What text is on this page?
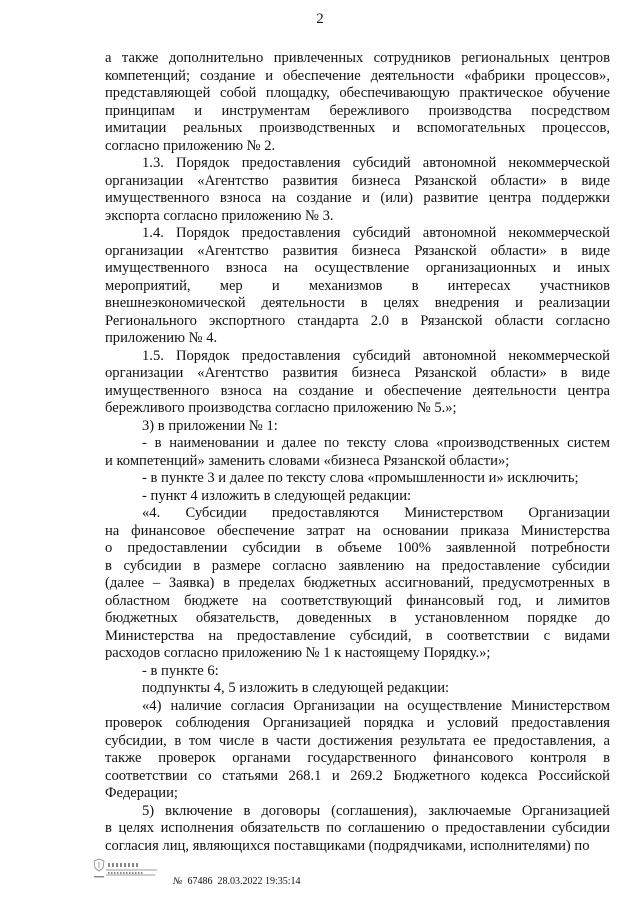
2
а также дополнительно привлеченных сотрудников региональных центров
компетенций; создание и обеспечение деятельности «фабрики процессов»,
представляющей собой площадку, обеспечивающую практическое обучение
принципам и инструментам бережливого производства посредством
имитации реальных производственных и вспомогательных процессов,
согласно приложению № 2.
1.3. Порядок предоставления субсидий автономной некоммерческой
организации «Агентство развития бизнеса Рязанской области» в виде
имущественного взноса на создание и (или) развитие центра поддержки
экспорта согласно приложению № 3.
1.4. Порядок предоставления субсидий автономной некоммерческой
организации «Агентство развития бизнеса Рязанской области» в виде
имущественного взноса на осуществление организационных и иных
мероприятий, мер и механизмов в интересах участников
внешнеэкономической деятельности в целях внедрения и реализации
Регионального экспортного стандарта 2.0 в Рязанской области согласно
приложению № 4.
1.5. Порядок предоставления субсидий автономной некоммерческой
организации «Агентство развития бизнеса Рязанской области» в виде
имущественного взноса на создание и обеспечение деятельности центра
бережливого производства согласно приложению № 5.»;
3) в приложении № 1:
- в наименовании и далее по тексту слова «производственных систем
и компетенций» заменить словами «бизнеса Рязанской области»;
- в пункте 3 и далее по тексту слова «промышленности и» исключить;
- пункт 4 изложить в следующей редакции:
«4. Субсидии предоставляются Министерством Организации
на финансовое обеспечение затрат на основании приказа Министерства
о предоставлении субсидии в объеме 100% заявленной потребности
в субсидии в размере согласно заявлению на предоставление субсидии
(далее – Заявка) в пределах бюджетных ассигнований, предусмотренных в
областном бюджете на соответствующий финансовый год, и лимитов
бюджетных обязательств, доведенных в установленном порядке до
Министерства на предоставление субсидий, в соответствии с видами
расходов согласно приложению № 1 к настоящему Порядку.»;
- в пункте 6:
подпункты 4, 5 изложить в следующей редакции:
«4) наличие согласия Организации на осуществление Министерством
проверок соблюдения Организацией порядка и условий предоставления
субсидии, в том числе в части достижения результата ее предоставления, а
также проверок органами государственного финансового контроля в
соответствии со статьями 268.1 и 269.2 Бюджетного кодекса Российской
Федерации;
5) включение в договоры (соглашения), заключаемые Организацией
в целях исполнения обязательств по соглашению о предоставлении субсидии
согласия лиц, являющихся поставщиками (подрядчиками, исполнителями) по
№ 67486 28.03.2022 19:35:14
